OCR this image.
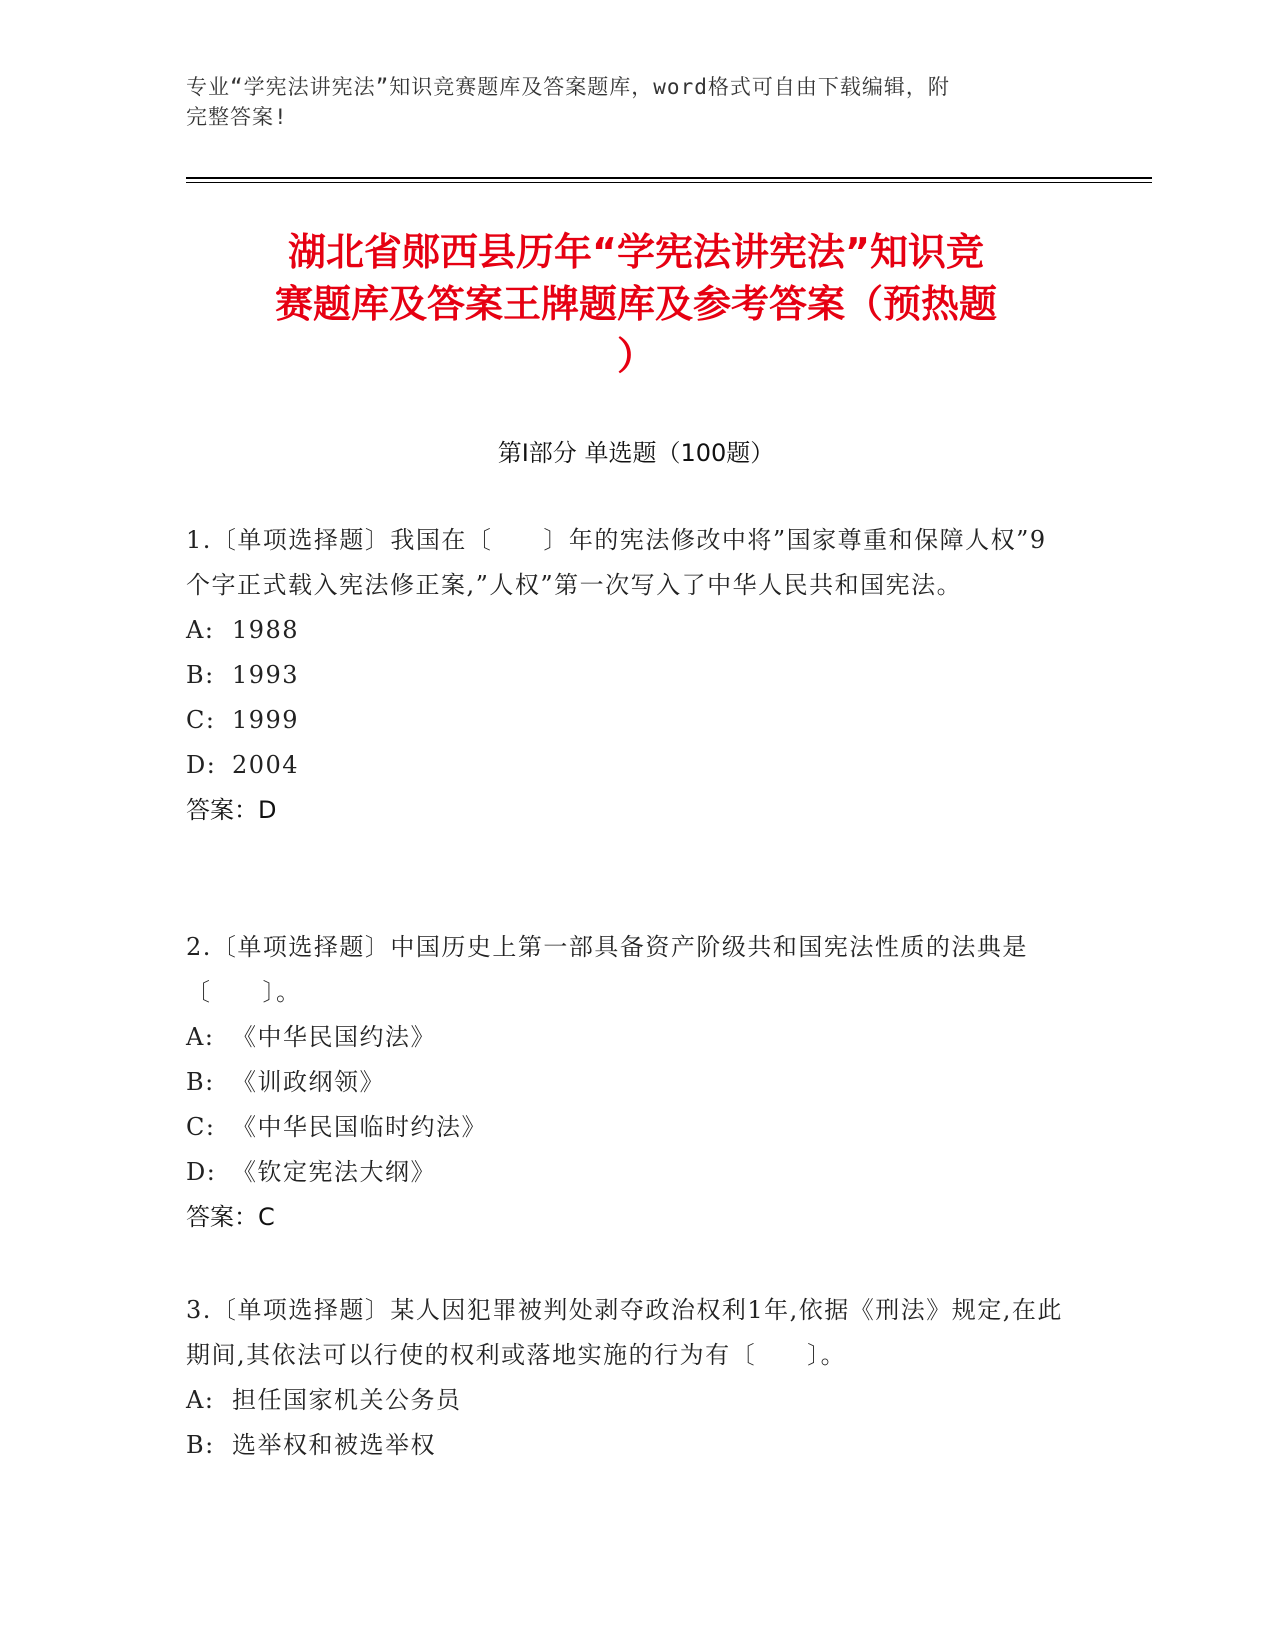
专业“学宪法讲宪法”知识竞赛题库及答案题库，word格式可自由下载编辑，附
完整答案!
湖北省郧西县历年“学宪法讲宪法”知识竞
赛题库及答案王牌题库及参考答案（预热题
）
第Ⅰ部分 单选题（100题）

1.〔单项选择题〕我国在〔　　〕年的宪法修改中将”国家尊重和保障人权”9个字正式载入宪法修正案,”人权”第一次写入了中华人民共和国宪法。

A: 1988

B: 1993

C: 1999

D: 2004

答案：D

2.〔单项选择题〕中国历史上第一部具备资产阶级共和国宪法性质的法典是〔　　〕。

A: 《中华民国约法》

B: 《训政纲领》

C: 《中华民国临时约法》

D: 《钦定宪法大纲》

答案：C

3.〔单项选择题〕某人因犯罪被判处剥夺政治权利1年,依据《刑法》规定,在此期间,其依法可以行使的权利或落地实施的行为有〔　　〕。

A: 担任国家机关公务员

B: 选举权和被选举权
